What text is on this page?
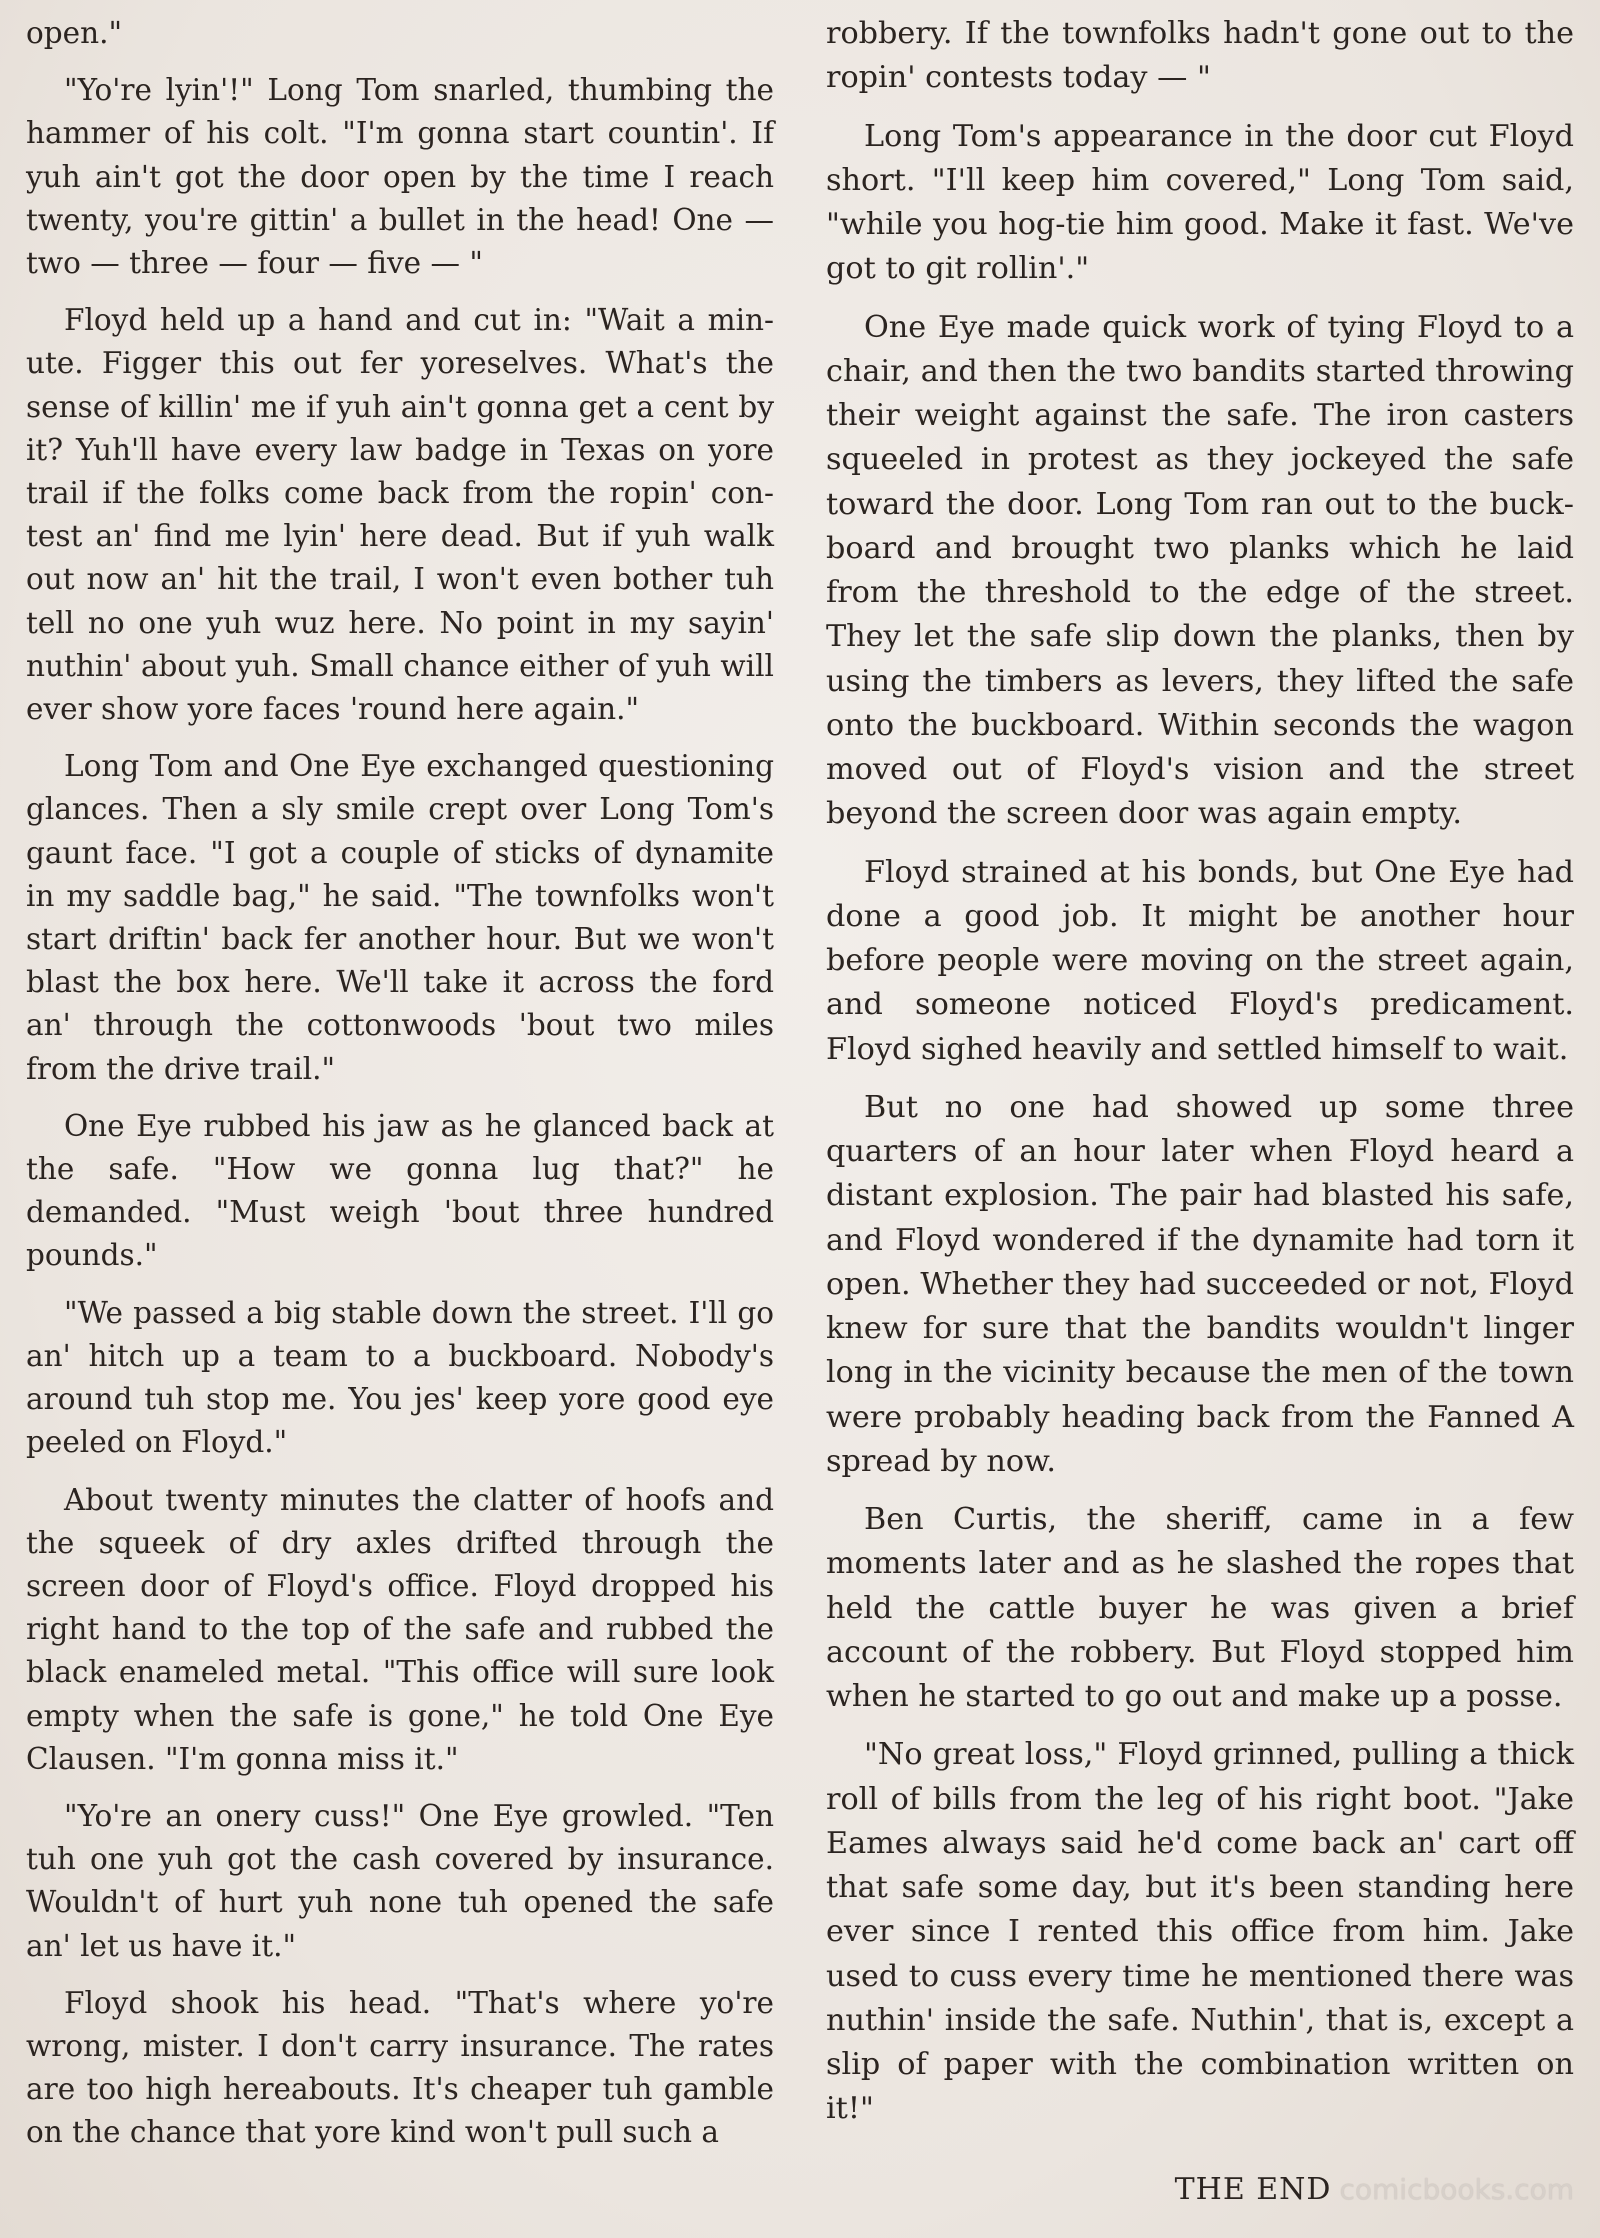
open."

"Yo're lyin'!" Long Tom snarled, thumbing the hammer of his colt. "I'm gonna start countin'. If yuh ain't got the door open by the time I reach twenty, you're gittin' a bullet in the head! One — two — three — four — five — "

Floyd held up a hand and cut in: "Wait a minute. Figger this out fer yoreselves. What's the sense of killin' me if yuh ain't gonna get a cent by it? Yuh'll have every law badge in Texas on yore trail if the folks come back from the ropin' contest an' find me lyin' here dead. But if yuh walk out now an' hit the trail, I won't even bother tuh tell no one yuh wuz here. No point in my sayin' nuthin' about yuh. Small chance either of yuh will ever show yore faces 'round here again."

Long Tom and One Eye exchanged questioning glances. Then a sly smile crept over Long Tom's gaunt face. "I got a couple of sticks of dynamite in my saddle bag," he said. "The townfolks won't start driftin' back fer another hour. But we won't blast the box here. We'll take it across the ford an' through the cottonwoods 'bout two miles from the drive trail."

One Eye rubbed his jaw as he glanced back at the safe. "How we gonna lug that?" he demanded. "Must weigh 'bout three hundred pounds."

"We passed a big stable down the street. I'll go an' hitch up a team to a buckboard. Nobody's around tuh stop me. You jes' keep yore good eye peeled on Floyd."

About twenty minutes the clatter of hoofs and the squeek of dry axles drifted through the screen door of Floyd's office. Floyd dropped his right hand to the top of the safe and rubbed the black enameled metal. "This office will sure look empty when the safe is gone," he told One Eye Clausen. "I'm gonna miss it."

"Yo're an onery cuss!" One Eye growled. "Ten tuh one yuh got the cash covered by insurance. Wouldn't of hurt yuh none tuh opened the safe an' let us have it."

Floyd shook his head. "That's where yo're wrong, mister. I don't carry insurance. The rates are too high hereabouts. It's cheaper tuh gamble on the chance that yore kind won't pull such a

robbery. If the townfolks hadn't gone out to the ropin' contests today — "

Long Tom's appearance in the door cut Floyd short. "I'll keep him covered," Long Tom said, "while you hog-tie him good. Make it fast. We've got to git rollin'."

One Eye made quick work of tying Floyd to a chair, and then the two bandits started throwing their weight against the safe. The iron casters squeeled in protest as they jockeyed the safe toward the door. Long Tom ran out to the buckboard and brought two planks which he laid from the threshold to the edge of the street. They let the safe slip down the planks, then by using the timbers as levers, they lifted the safe onto the buckboard. Within seconds the wagon moved out of Floyd's vision and the street beyond the screen door was again empty.

Floyd strained at his bonds, but One Eye had done a good job. It might be another hour before people were moving on the street again, and someone noticed Floyd's predicament. Floyd sighed heavily and settled himself to wait.

But no one had showed up some three quarters of an hour later when Floyd heard a distant explosion. The pair had blasted his safe, and Floyd wondered if the dynamite had torn it open. Whether they had succeeded or not, Floyd knew for sure that the bandits wouldn't linger long in the vicinity because the men of the town were probably heading back from the Fanned A spread by now.

Ben Curtis, the sheriff, came in a few moments later and as he slashed the ropes that held the cattle buyer he was given a brief account of the robbery. But Floyd stopped him when he started to go out and make up a posse.

"No great loss," Floyd grinned, pulling a thick roll of bills from the leg of his right boot. "Jake Eames always said he'd come back an' cart off that safe some day, but it's been standing here ever since I rented this office from him. Jake used to cuss every time he mentioned there was nuthin' inside the safe. Nuthin', that is, except a slip of paper with the combination written on it!"

THE END comicbooks.com
